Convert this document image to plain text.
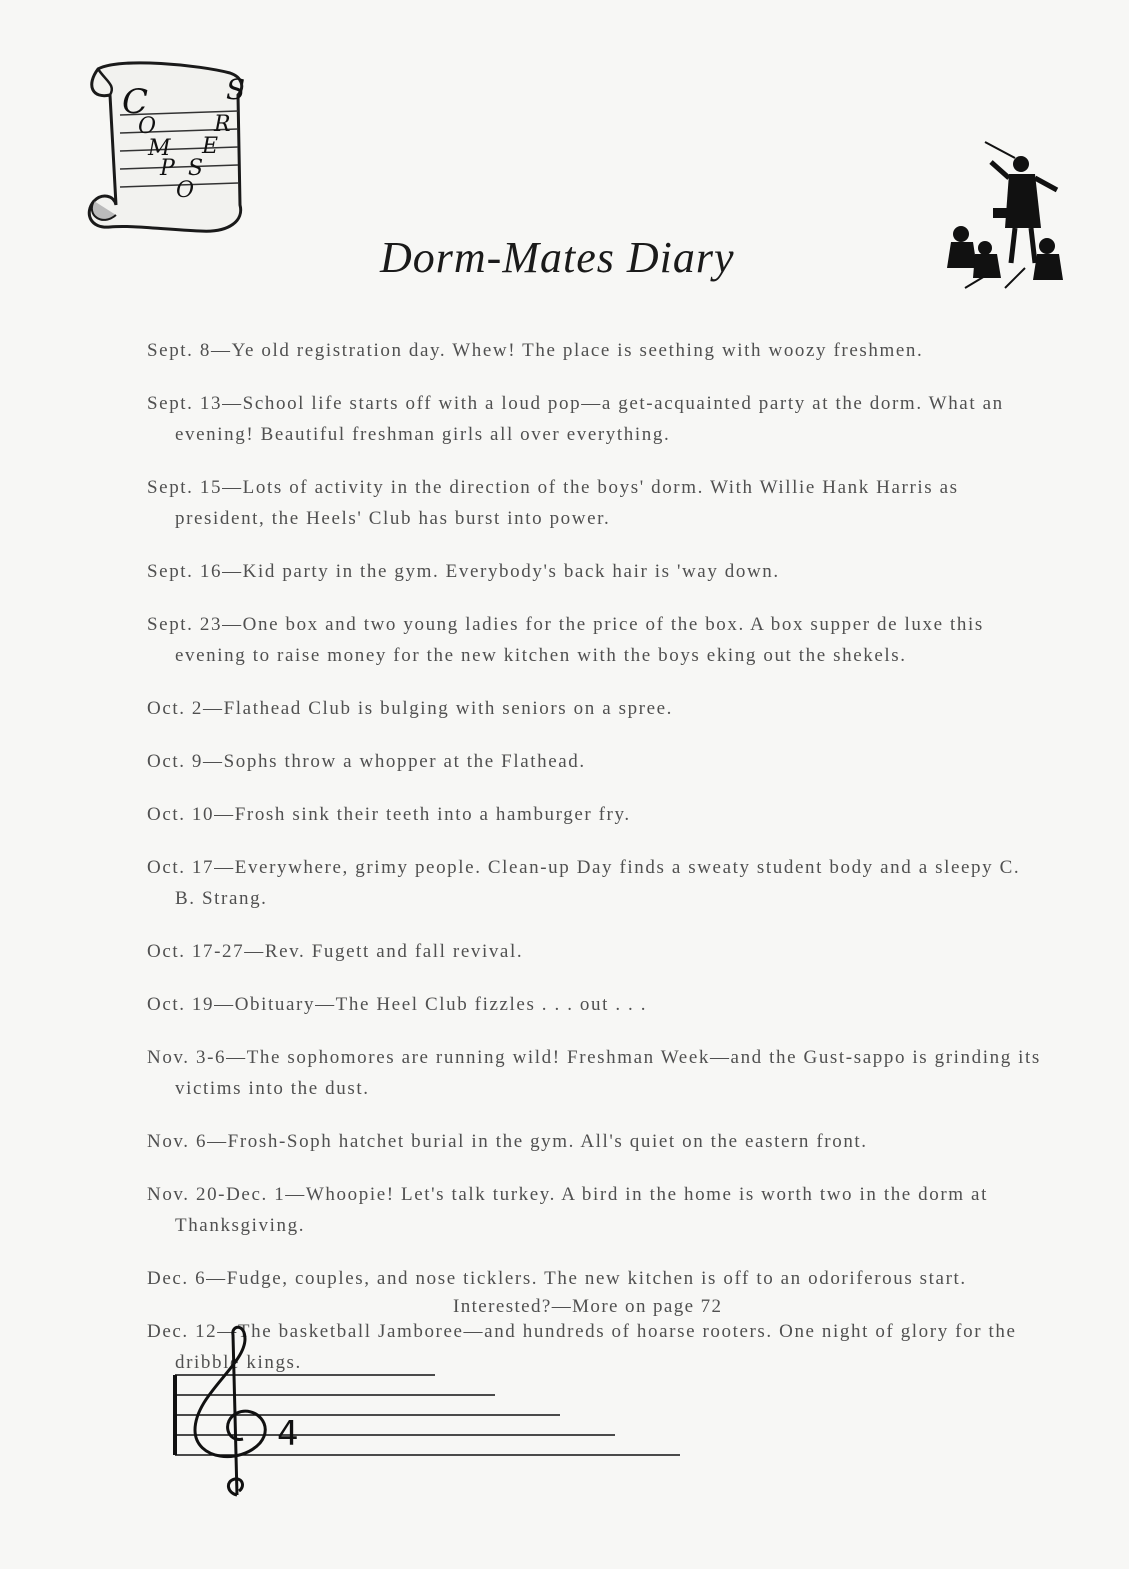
C
O
M
P
O
S
E
R
S
Dorm-Mates Diary

Sept. 8—Ye old registration day. Whew! The place is seething with woozy freshmen.

Sept. 13—School life starts off with a loud pop—a get-acquainted party at the dorm. What an evening! Beautiful freshman girls all over everything.

Sept. 15—Lots of activity in the direction of the boys' dorm. With Willie Hank Harris as president, the Heels' Club has burst into power.

Sept. 16—Kid party in the gym. Everybody's back hair is 'way down.

Sept. 23—One box and two young ladies for the price of the box. A box supper de luxe this evening to raise money for the new kitchen with the boys eking out the shekels.

Oct. 2—Flathead Club is bulging with seniors on a spree.

Oct. 9—Sophs throw a whopper at the Flathead.

Oct. 10—Frosh sink their teeth into a hamburger fry.

Oct. 17—Everywhere, grimy people. Clean-up Day finds a sweaty student body and a sleepy C. B. Strang.

Oct. 17-27—Rev. Fugett and fall revival.

Oct. 19—Obituary—The Heel Club fizzles . . . out . . .

Nov. 3-6—The sophomores are running wild! Freshman Week—and the Gust-sappo is grinding its victims into the dust.

Nov. 6—Frosh-Soph hatchet burial in the gym. All's quiet on the eastern front.

Nov. 20-Dec. 1—Whoopie! Let's talk turkey. A bird in the home is worth two in the dorm at Thanksgiving.

Dec. 6—Fudge, couples, and nose ticklers. The new kitchen is off to an odoriferous start.

Dec. 12—The basketball Jamboree—and hundreds of hoarse rooters. One night of glory for the dribble kings.

Interested?—More on page 72
4
